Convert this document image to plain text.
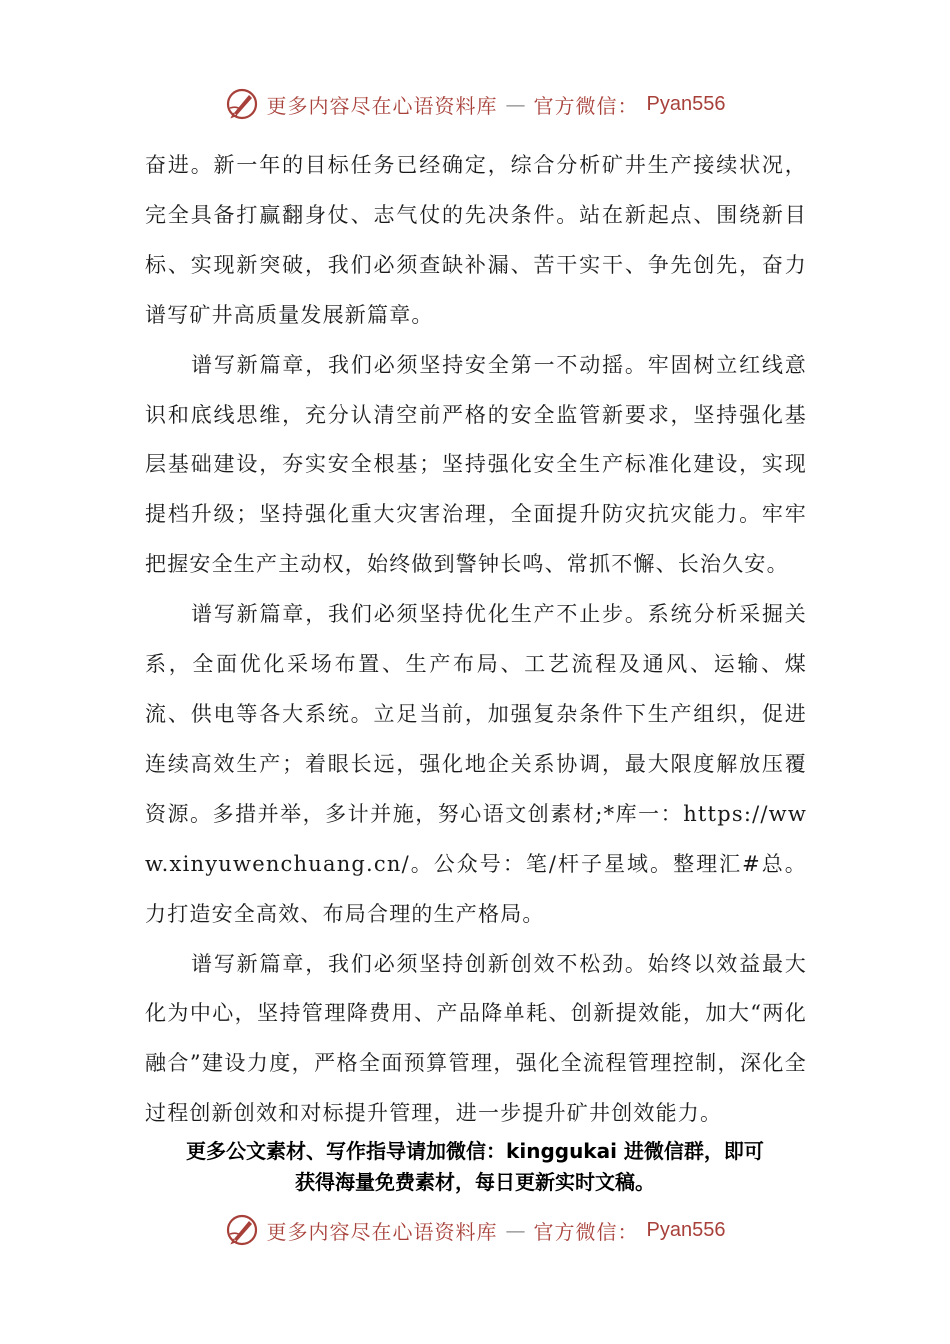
更多内容尽在心语资料库 — 官方微信： Pyan556

奋进。新一年的目标任务已经确定，综合分析矿井生产接续状况，完全具备打赢翻身仗、志气仗的先决条件。站在新起点、围绕新目标、实现新突破，我们必须查缺补漏、苦干实干、争先创先，奋力谱写矿井高质量发展新篇章。

谱写新篇章，我们必须坚持安全第一不动摇。牢固树立红线意识和底线思维，充分认清空前严格的安全监管新要求，坚持强化基层基础建设，夯实安全根基；坚持强化安全生产标准化建设，实现提档升级；坚持强化重大灾害治理，全面提升防灾抗灾能力。牢牢把握安全生产主动权，始终做到警钟长鸣、常抓不懈、长治久安。

谱写新篇章，我们必须坚持优化生产不止步。系统分析采掘关系，全面优化采场布置、生产布局、工艺流程及通风、运输、煤流、供电等各大系统。立足当前，加强复杂条件下生产组织，促进连续高效生产；着眼长远，强化地企关系协调，最大限度解放压覆资源。多措并举，多计并施，努心语文创素材;*库一：https://www.xinyuwenchuang.cn/。公众号：笔/杆子星域。整理汇#总。力打造安全高效、布局合理的生产格局。

谱写新篇章，我们必须坚持创新创效不松劲。始终以效益最大化为中心，坚持管理降费用、产品降单耗、创新提效能，加大“两化融合”建设力度，严格全面预算管理，强化全流程管理控制，深化全过程创新创效和对标提升管理，进一步提升矿井创效能力。

更多公文素材、写作指导请加微信：kinggukai 进微信群，即可
获得海量免费素材，每日更新实时文稿。
更多内容尽在心语资料库 — 官方微信： Pyan556
